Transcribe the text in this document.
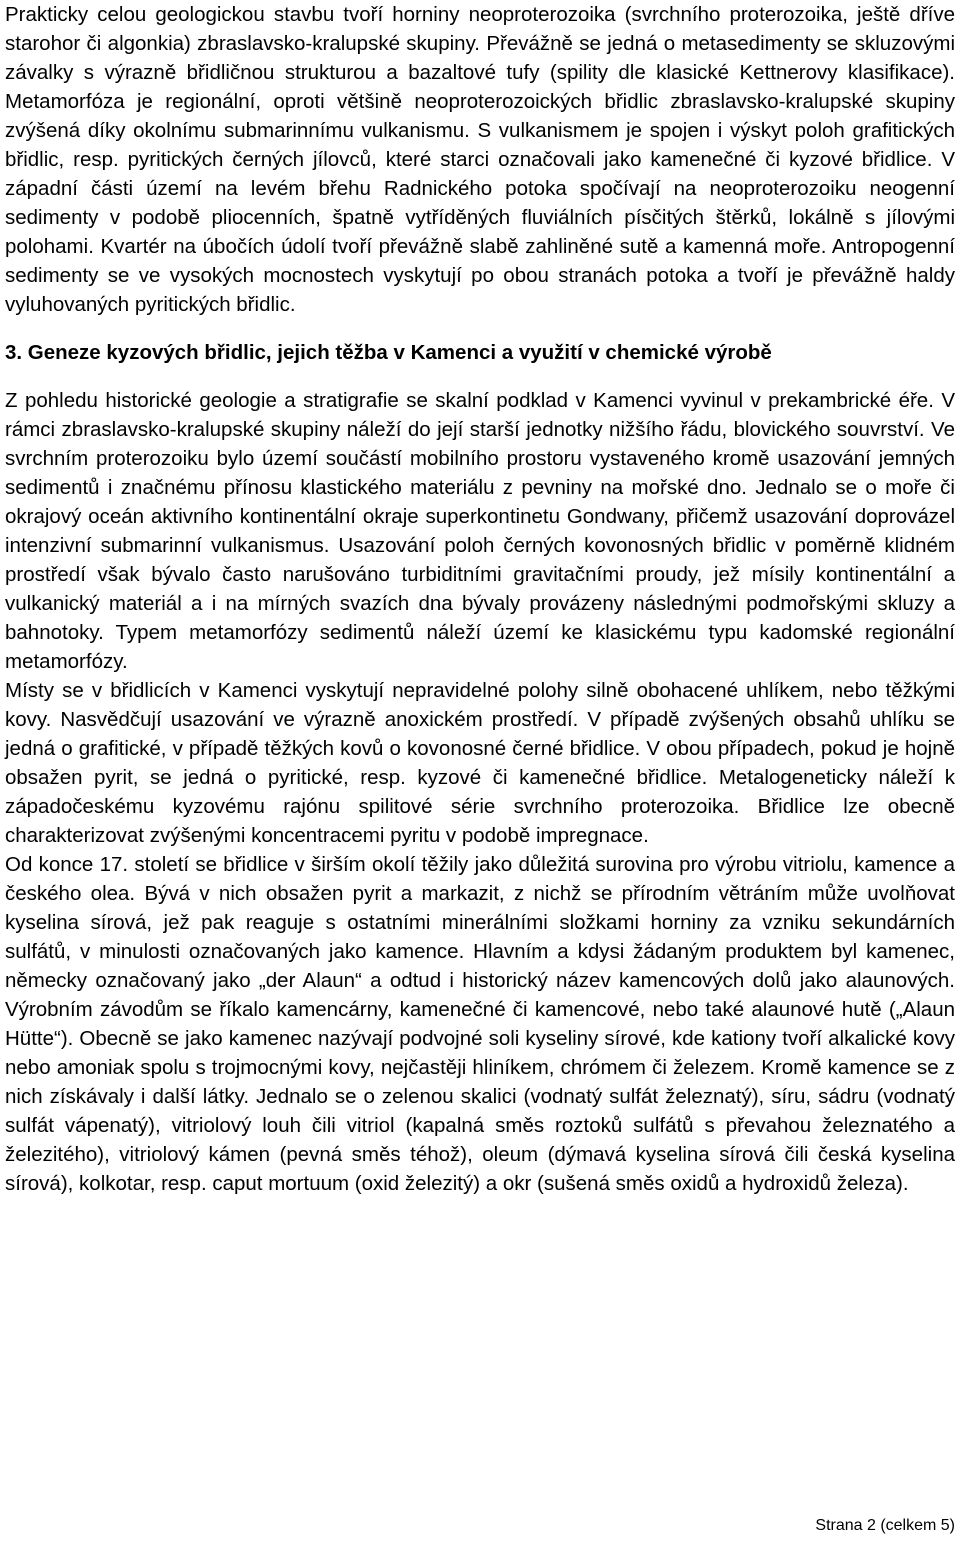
Prakticky celou geologickou stavbu tvoří horniny neoproterozoika (svrchního proterozoika, ještě dříve starohor či algonkia) zbraslavsko-kralupské skupiny. Převážně se jedná o metasedimenty se skluzovými závalky s výrazně břidličnou strukturou a bazaltové tufy (spility dle klasické Kettnerovy klasifikace). Metamorfóza je regionální, oproti většině neoproterozoických břidlic zbraslavsko-kralupské skupiny zvýšená díky okolnímu submarinnímu vulkanismu. S vulkanismem je spojen i výskyt poloh grafitických břidlic, resp. pyritických černých jílovců, které starci označovali jako kamenečné či kyzové břidlice. V západní části území na levém břehu Radnického potoka spočívají na neoproterozoiku neogenní sedimenty v podobě pliocenních, špatně vytříděných fluviálních písčitých štěrků, lokálně s jílovými polohami. Kvartér na úbočích údolí tvoří převážně slabě zahliněné sutě a kamenná moře. Antropogenní sedimenty se ve vysokých mocnostech vyskytují po obou stranách potoka a tvoří je převážně haldy vyluhovaných pyritických břidlic.

3. Geneze kyzových břidlic, jejich těžba v Kamenci a využití v chemické výrobě

Z pohledu historické geologie a stratigrafie se skalní podklad v Kamenci vyvinul v prekambrické éře. V rámci zbraslavsko-kralupské skupiny náleží do její starší jednotky nižšího řádu, blovického souvrství. Ve svrchním proterozoiku bylo území součástí mobilního prostoru vystaveného kromě usazování jemných sedimentů i značnému přínosu klastického materiálu z pevniny na mořské dno. Jednalo se o moře či okrajový oceán aktivního kontinentální okraje superkontinetu Gondwany, přičemž usazování doprovázel intenzivní submarinní vulkanismus. Usazování poloh černých kovonosných břidlic v poměrně klidném prostředí však bývalo často narušováno turbiditními gravitačními proudy, jež mísily kontinentální a vulkanický materiál a i na mírných svazích dna bývaly provázeny následnými podmořskými skluzy a bahnotoky. Typem metamorfózy sedimentů náleží území ke klasickému typu kadomské regionální metamorfózy.

Místy se v břidlicích v Kamenci vyskytují nepravidelné polohy silně obohacené uhlíkem, nebo těžkými kovy. Nasvědčují usazování ve výrazně anoxickém prostředí. V případě zvýšených obsahů uhlíku se jedná o grafitické, v případě těžkých kovů o kovonosné černé břidlice. V obou případech, pokud je hojně obsažen pyrit, se jedná o pyritické, resp. kyzové či kamenečné břidlice. Metalogeneticky náleží k západočeskému kyzovému rajónu spilitové série svrchního proterozoika. Břidlice lze obecně charakterizovat zvýšenými koncentracemi pyritu v podobě impregnace.

Od konce 17. století se břidlice v širším okolí těžily jako důležitá surovina pro výrobu vitriolu, kamence a českého olea. Bývá v nich obsažen pyrit a markazit, z nichž se přírodním větráním může uvolňovat kyselina sírová, jež pak reaguje s ostatními minerálními složkami horniny za vzniku sekundárních sulfátů, v minulosti označovaných jako kamence. Hlavním a kdysi žádaným produktem byl kamenec, německy označovaný jako „der Alaun“ a odtud i historický název kamencových dolů jako alaunových. Výrobním závodům se říkalo kamencárny, kamenečné či kamencové, nebo také alaunové hutě („Alaun Hütte“). Obecně se jako kamenec nazývají podvojné soli kyseliny sírové, kde kationy tvoří alkalické kovy nebo amoniak spolu s trojmocnými kovy, nejčastěji hliníkem, chrómem či železem. Kromě kamence se z nich získávaly i další látky. Jednalo se o zelenou skalici (vodnatý sulfát železnatý), síru, sádru (vodnatý sulfát vápenatý), vitriolový louh čili vitriol (kapalná směs roztoků sulfátů s převahou železnatého a železitého), vitriolový kámen (pevná směs téhož), oleum (dýmavá kyselina sírová čili česká kyselina sírová), kolkotar, resp. caput mortuum (oxid železitý) a okr (sušená směs oxidů a hydroxidů železa).

Strana 2 (celkem 5)
